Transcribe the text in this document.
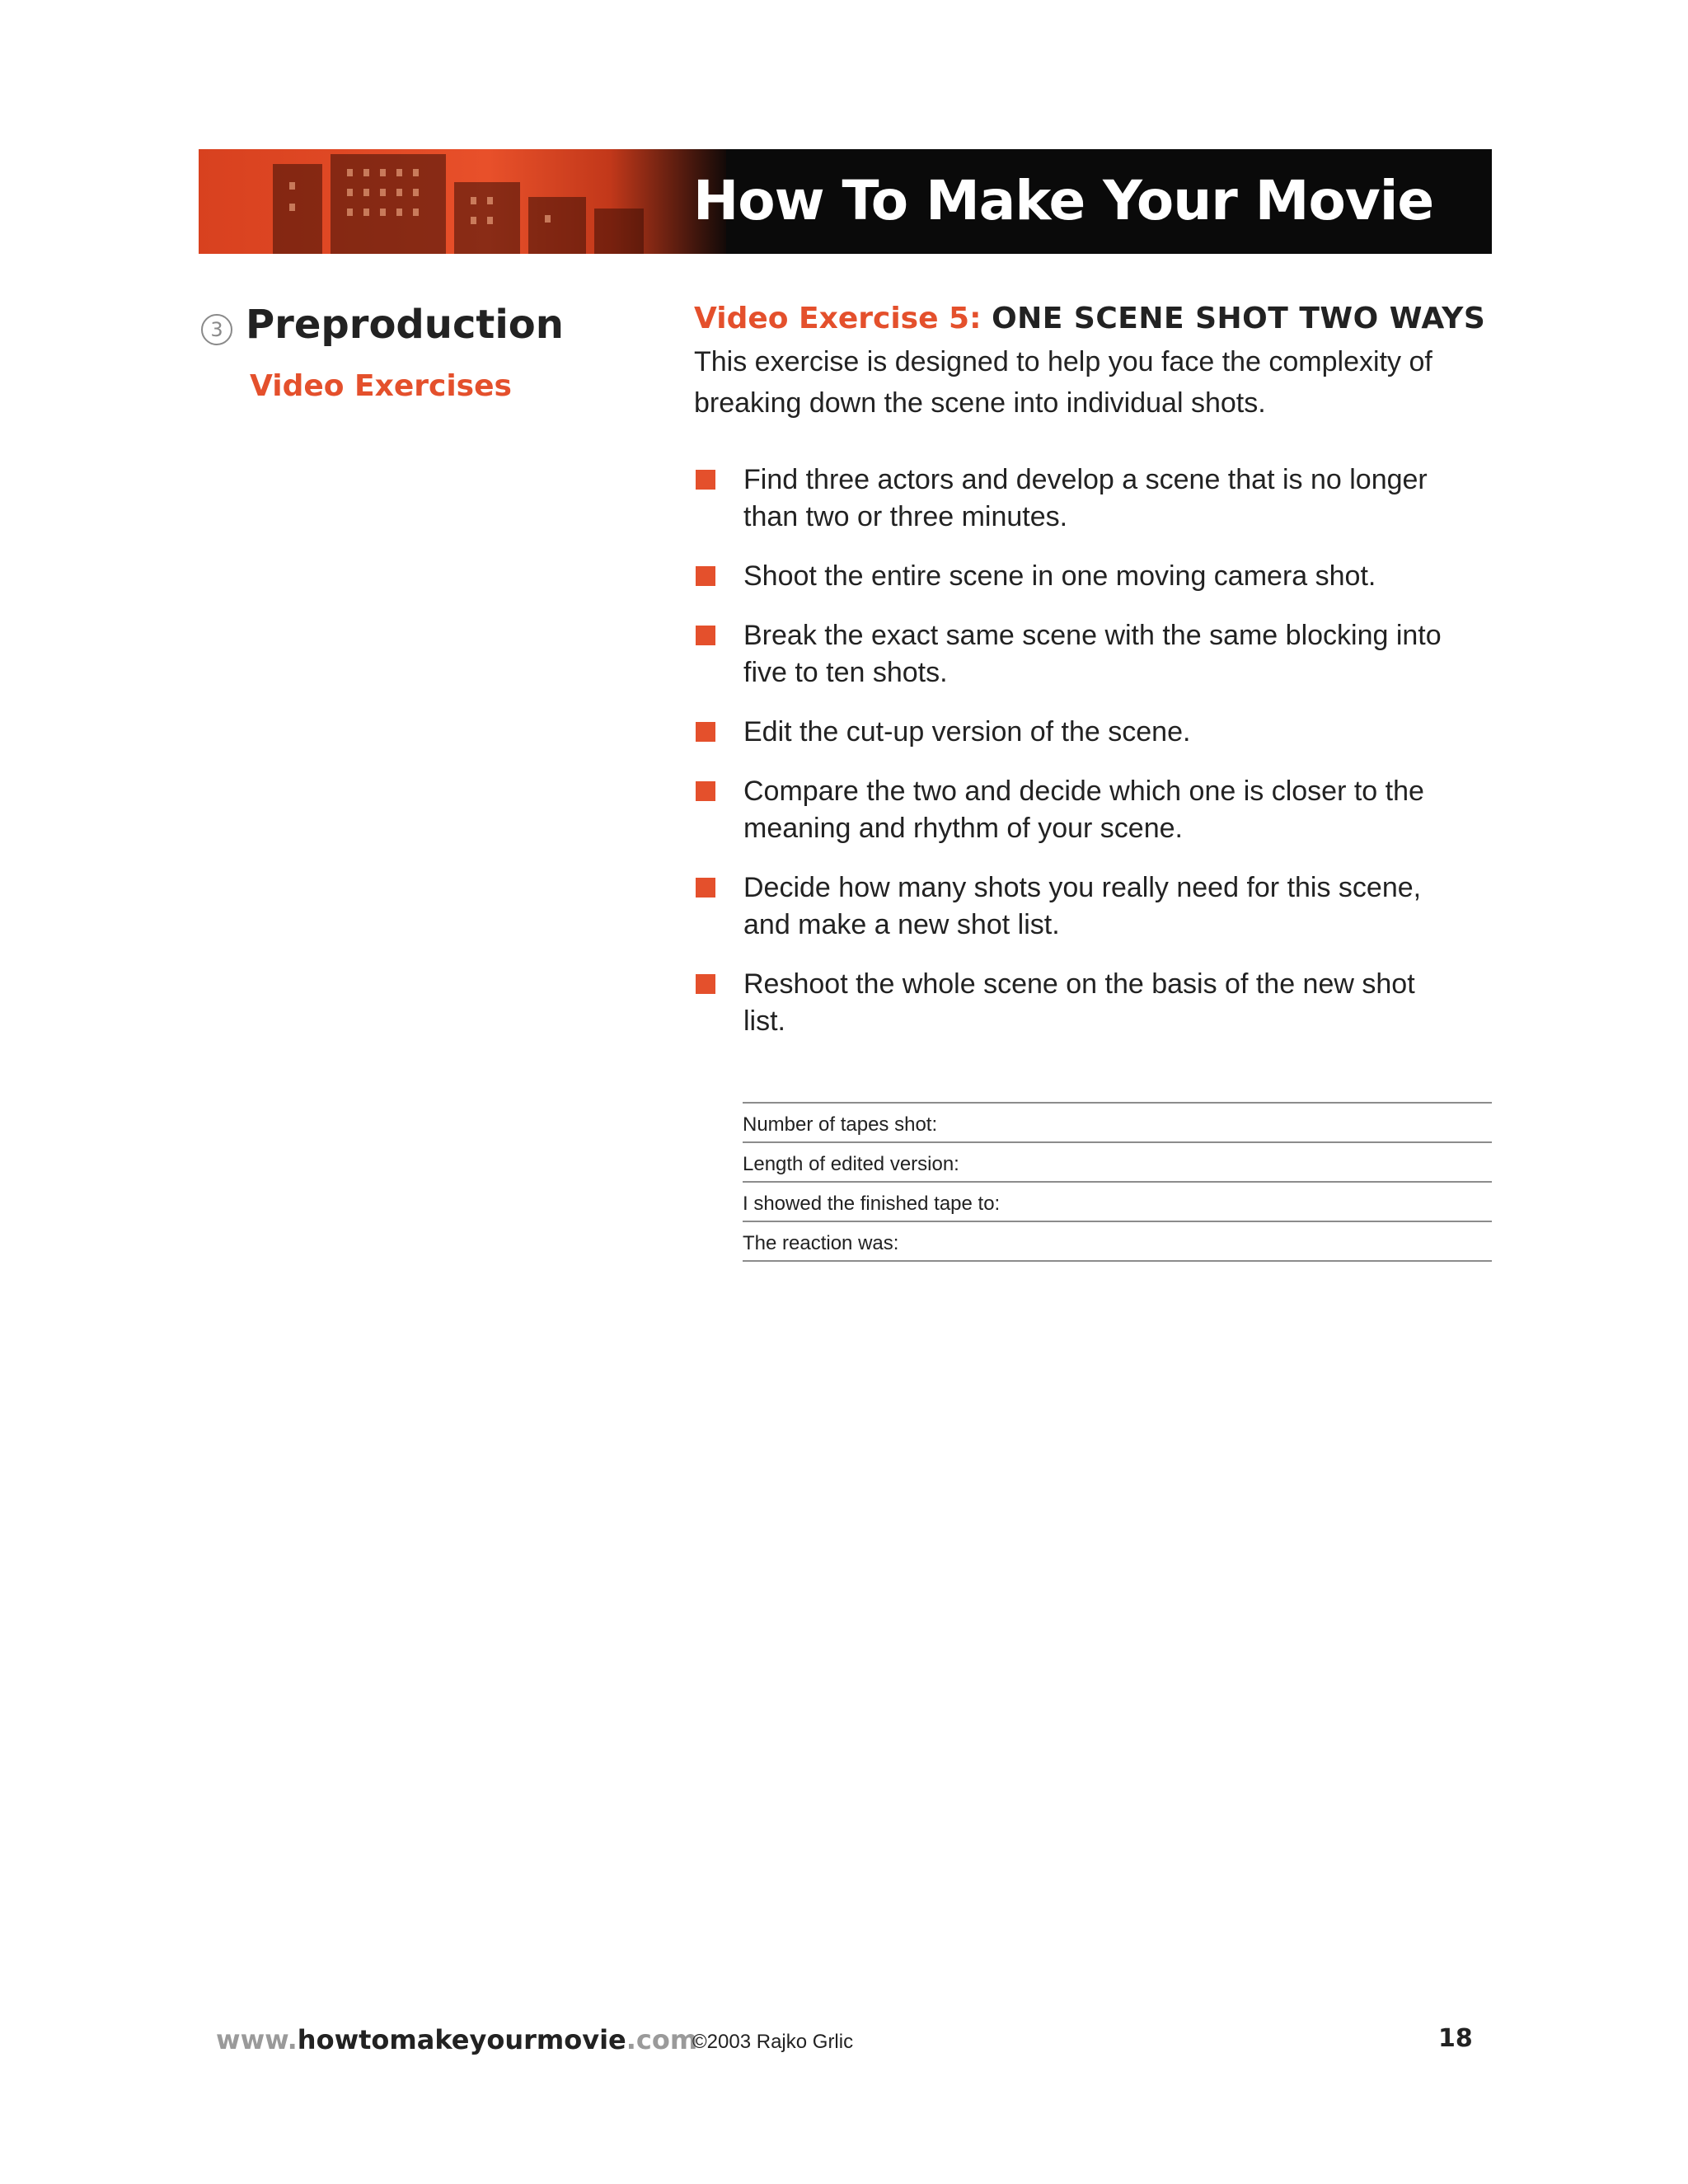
How To Make Your Movie
3 Preproduction
Video Exercises
Video Exercise 5: ONE SCENE SHOT TWO WAYS
This exercise is designed to help you face the complexity of breaking down the scene into individual shots.
Find three actors and develop a scene that is no longer than two or three minutes.
Shoot the entire scene in one moving camera shot.
Break the exact same scene with the same blocking into five to ten shots.
Edit the cut-up version of the scene.
Compare the two and decide which one is closer to the meaning and rhythm of your scene.
Decide how many shots you really need for this scene, and make a new shot list.
Reshoot the whole scene on the basis of the new shot list.
Number of tapes shot:
Length of edited version:
I showed the finished tape to:
The reaction was:
www.howtomakeyourmovie.com
©2003 Rajko Grlic	18
